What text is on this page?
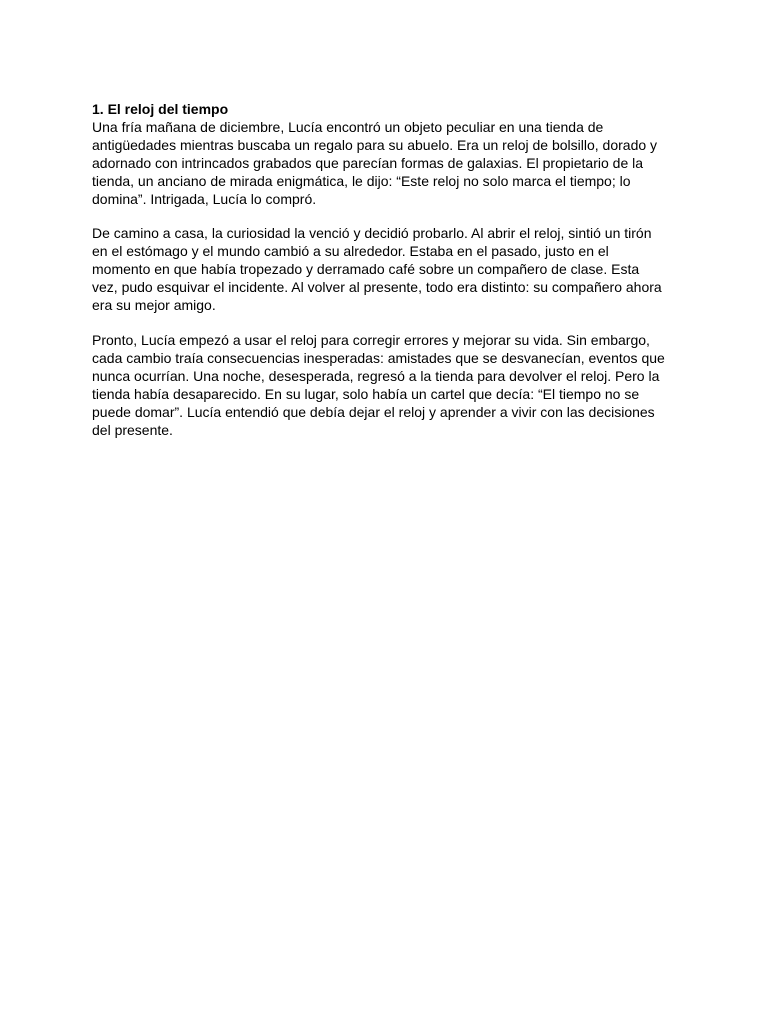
1. El reloj del tiempo
Una fría mañana de diciembre, Lucía encontró un objeto peculiar en una tienda de
antigüedades mientras buscaba un regalo para su abuelo. Era un reloj de bolsillo, dorado y
adornado con intrincados grabados que parecían formas de galaxias. El propietario de la
tienda, un anciano de mirada enigmática, le dijo: “Este reloj no solo marca el tiempo; lo
domina”. Intrigada, Lucía lo compró.
De camino a casa, la curiosidad la venció y decidió probarlo. Al abrir el reloj, sintió un tirón
en el estómago y el mundo cambió a su alrededor. Estaba en el pasado, justo en el
momento en que había tropezado y derramado café sobre un compañero de clase. Esta
vez, pudo esquivar el incidente. Al volver al presente, todo era distinto: su compañero ahora
era su mejor amigo.
Pronto, Lucía empezó a usar el reloj para corregir errores y mejorar su vida. Sin embargo,
cada cambio traía consecuencias inesperadas: amistades que se desvanecían, eventos que
nunca ocurrían. Una noche, desesperada, regresó a la tienda para devolver el reloj. Pero la
tienda había desaparecido. En su lugar, solo había un cartel que decía: “El tiempo no se
puede domar”. Lucía entendió que debía dejar el reloj y aprender a vivir con las decisiones
del presente.
